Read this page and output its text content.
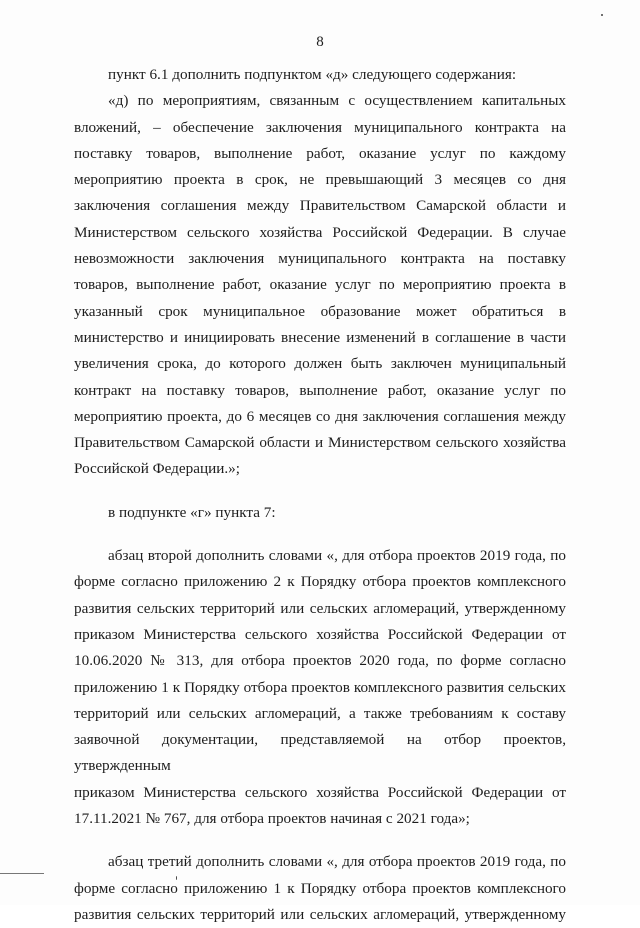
8

пункт 6.1 дополнить подпунктом «д» следующего содержания:

«д) по мероприятиям, связанным с осуществлением капитальных

вложений, – обеспечение заключения муниципального контракта на

поставку товаров, выполнение работ, оказание услуг по каждому

мероприятию проекта в срок, не превышающий 3 месяцев со дня

заключения соглашения между Правительством Самарской области и

Министерством сельского хозяйства Российской Федерации. В случае

невозможности заключения муниципального контракта на поставку

товаров, выполнение работ, оказание услуг по мероприятию проекта в

указанный срок муниципальное образование может обратиться в

министерство и инициировать внесение изменений в соглашение в части

увеличения срока, до которого должен быть заключен муниципальный

контракт на поставку товаров, выполнение работ, оказание услуг по

мероприятию проекта, до 6 месяцев со дня заключения соглашения между

Правительством Самарской области и Министерством сельского хозяйства

Российской Федерации.»;

в подпункте «г» пункта 7:

абзац второй дополнить словами «, для отбора проектов 2019 года, по

форме согласно приложению 2 к Порядку отбора проектов комплексного

развития сельских территорий или сельских агломераций, утвержденному

приказом Министерства сельского хозяйства Российской Федерации от

10.06.2020 № 313, для отбора проектов 2020 года, по форме согласно

приложению 1 к Порядку отбора проектов комплексного развития сельских

территорий или сельских агломераций, а также требованиям к составу

заявочной документации, представляемой на отбор проектов, утвержденным

приказом Министерства сельского хозяйства Российской Федерации от

17.11.2021 № 767, для отбора проектов начиная с 2021 года»;

абзац третий дополнить словами «, для отбора проектов 2019 года, по

форме согласно приложению 1 к Порядку отбора проектов комплексного

развития сельских территорий или сельских агломераций, утвержденному
